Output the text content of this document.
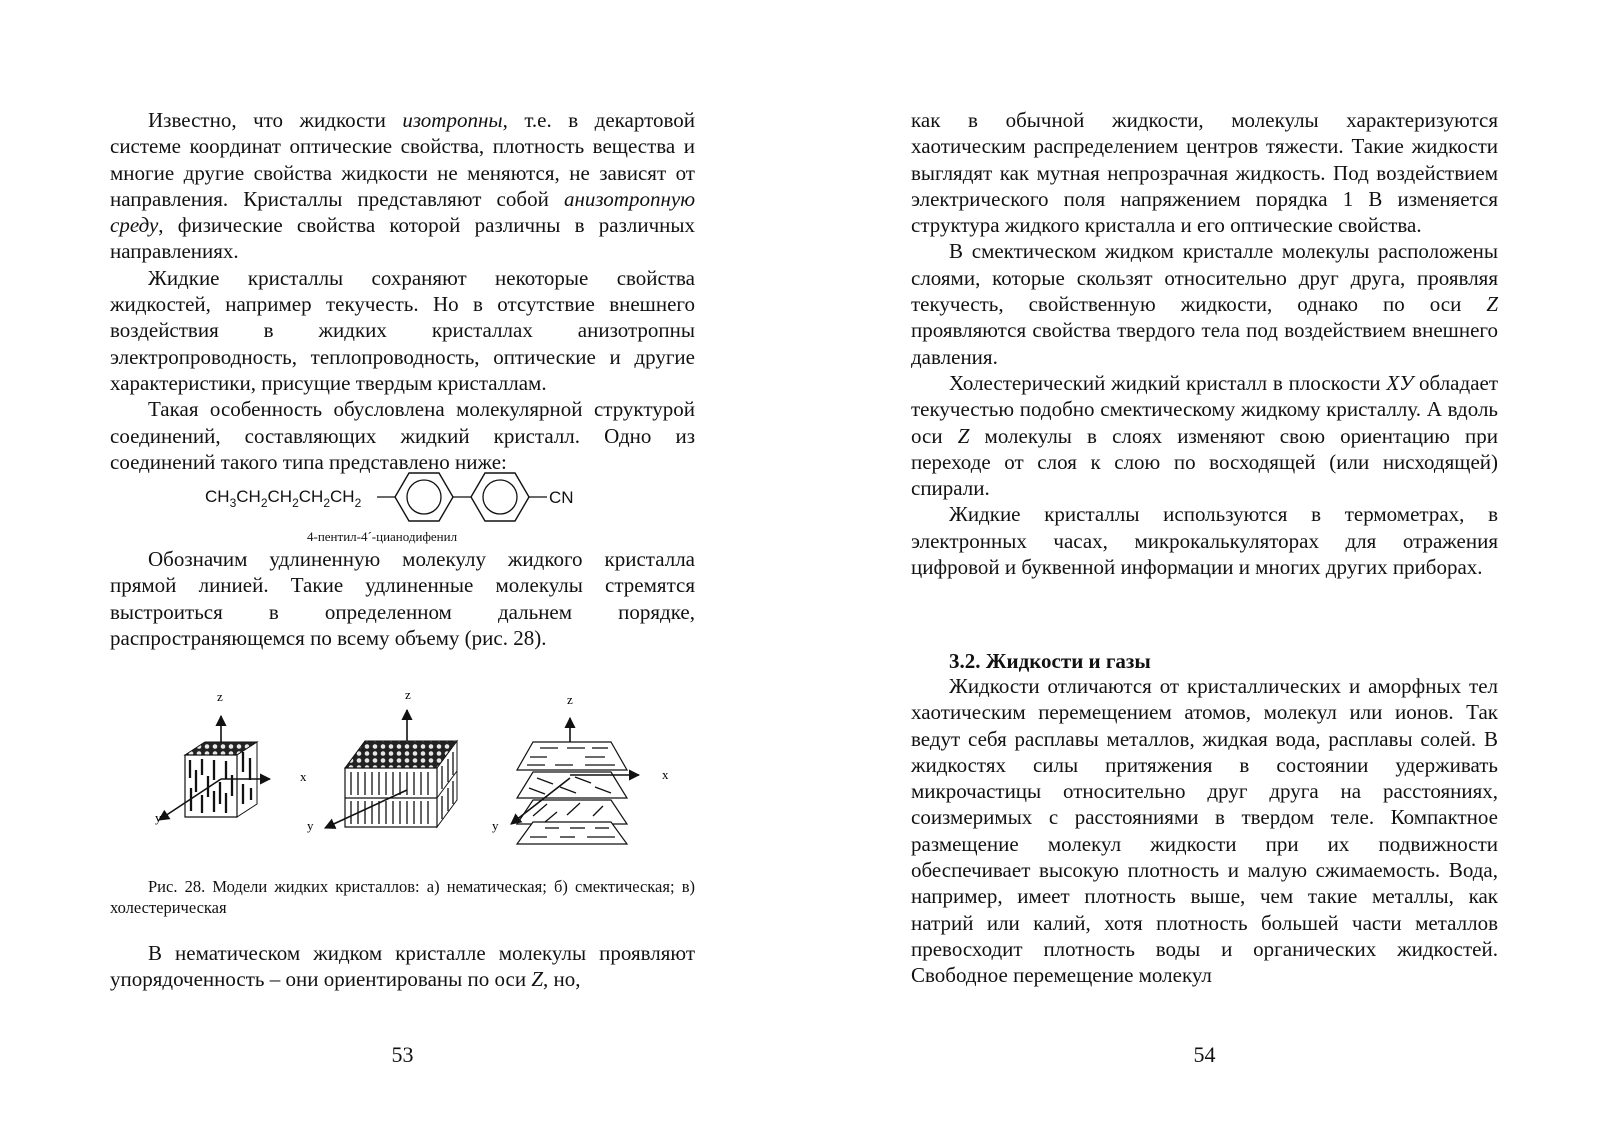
Известно, что жидкости изотропны, т.е. в декартовой системе координат оптические свойства, плотность вещества и многие другие свойства жидкости не меняются, не зависят от направления. Кристаллы представляют собой анизотропную среду, физические свойства которой различны в различных направлениях.

Жидкие кристаллы сохраняют некоторые свойства жидкостей, например текучесть. Но в отсутствие внешнего воздействия в жидких кристаллах анизотропны электропроводность, теплопроводность, оптические и другие характеристики, присущие твердым кристаллам.

Такая особенность обусловлена молекулярной структурой соединений, составляющих жидкий кристалл. Одно из соединений такого типа представлено ниже:

$CH_3CH_2CH_2CH_2CH_2$	CN
4-пентил-4´-цианодифенил

Обозначим удлиненную молекулу жидкого кристалла прямой линией. Такие удлиненные молекулы стремятся выстроиться в определенном дальнем порядке, распространяющемся по всему объему (рис. 28).

z
x
y
z
y
z
x
y
Рис. 28. Модели жидких кристаллов: а) нематическая; б) смектическая; в) холестерическая

В нематическом жидком кристалле молекулы проявляют упорядоченность – они ориентированы по оси Z, но,

53

как в обычной жидкости, молекулы характеризуются хаотическим распределением центров тяжести. Такие жидкости выглядят как мутная непрозрачная жидкость. Под воздействием электрического поля напряжением порядка 1 В изменяется структура жидкого кристалла и его оптические свойства.

В смектическом жидком кристалле молекулы расположены слоями, которые скользят относительно друг друга, проявляя текучесть, свойственную жидкости, однако по оси Z проявляются свойства твердого тела под воздействием внешнего давления.

Холестерический жидкий кристалл в плоскости XУ обладает текучестью подобно смектическому жидкому кристаллу. А вдоль оси Z молекулы в слоях изменяют свою ориентацию при переходе от слоя к слою по восходящей (или нисходящей) спирали.

Жидкие кристаллы используются в термометрах, в электронных часах, микрокалькуляторах для отражения цифровой и буквенной информации и многих других приборах.

3.2. Жидкости и газы

Жидкости отличаются от кристаллических и аморфных тел хаотическим перемещением атомов, молекул или ионов. Так ведут себя расплавы металлов, жидкая вода, расплавы солей. В жидкостях силы притяжения в состоянии удерживать микрочастицы относительно друг друга на расстояниях, соизмеримых с расстояниями в твердом теле. Компактное размещение молекул жидкости при их подвижности обеспечивает высокую плотность и малую сжимаемость. Вода, например, имеет плотность выше, чем такие металлы, как натрий или калий, хотя плотность большей части металлов превосходит плотность воды и органических жидкостей. Свободное перемещение молекул

54
